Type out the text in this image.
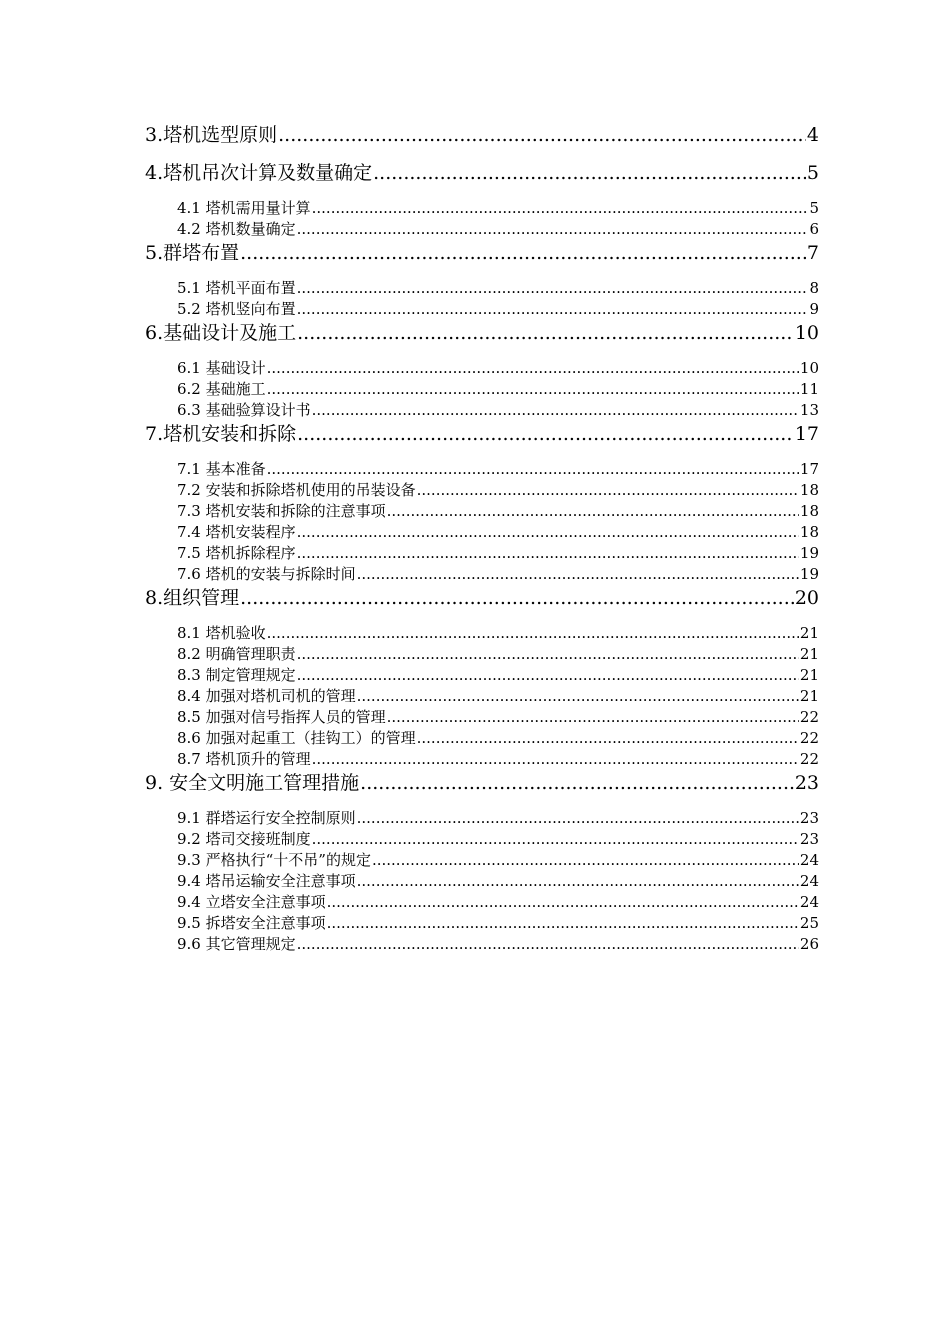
3.塔机选型原则 .....	4
4.塔机吊次计算及数量确定 .....	5
4.1 塔机需用量计算 .....	5
4.2 塔机数量确定 .....	6
5.群塔布置 .....	7
5.1 塔机平面布置 .....	8
5.2 塔机竖向布置 .....	9
6.基础设计及施工 .....	10
6.1 基础设计 .....	10
6.2 基础施工 .....	11
6.3 基础验算设计书 .....	13
7.塔机安装和拆除 .....	17
7.1 基本准备 .....	17
7.2 安装和拆除塔机使用的吊装设备 .....	18
7.3 塔机安装和拆除的注意事项 .....	18
7.4 塔机安装程序 .....	18
7.5 塔机拆除程序 .....	19
7.6 塔机的安装与拆除时间 .....	19
8.组织管理 .....	20
8.1 塔机验收 .....	21
8.2 明确管理职责 .....	21
8.3 制定管理规定 .....	21
8.4 加强对塔机司机的管理 .....	21
8.5 加强对信号指挥人员的管理 .....	22
8.6 加强对起重工（挂钩工）的管理 .....	22
8.7 塔机顶升的管理 .....	22
9. 安全文明施工管理措施 .....	23
9.1 群塔运行安全控制原则 .....	23
9.2 塔司交接班制度 .....	23
9.3 严格执行“十不吊”的规定 .....	24
9.4 塔吊运输安全注意事项 .....	24
9.4 立塔安全注意事项 .....	24
9.5 拆塔安全注意事项 .....	25
9.6 其它管理规定 .....	26
